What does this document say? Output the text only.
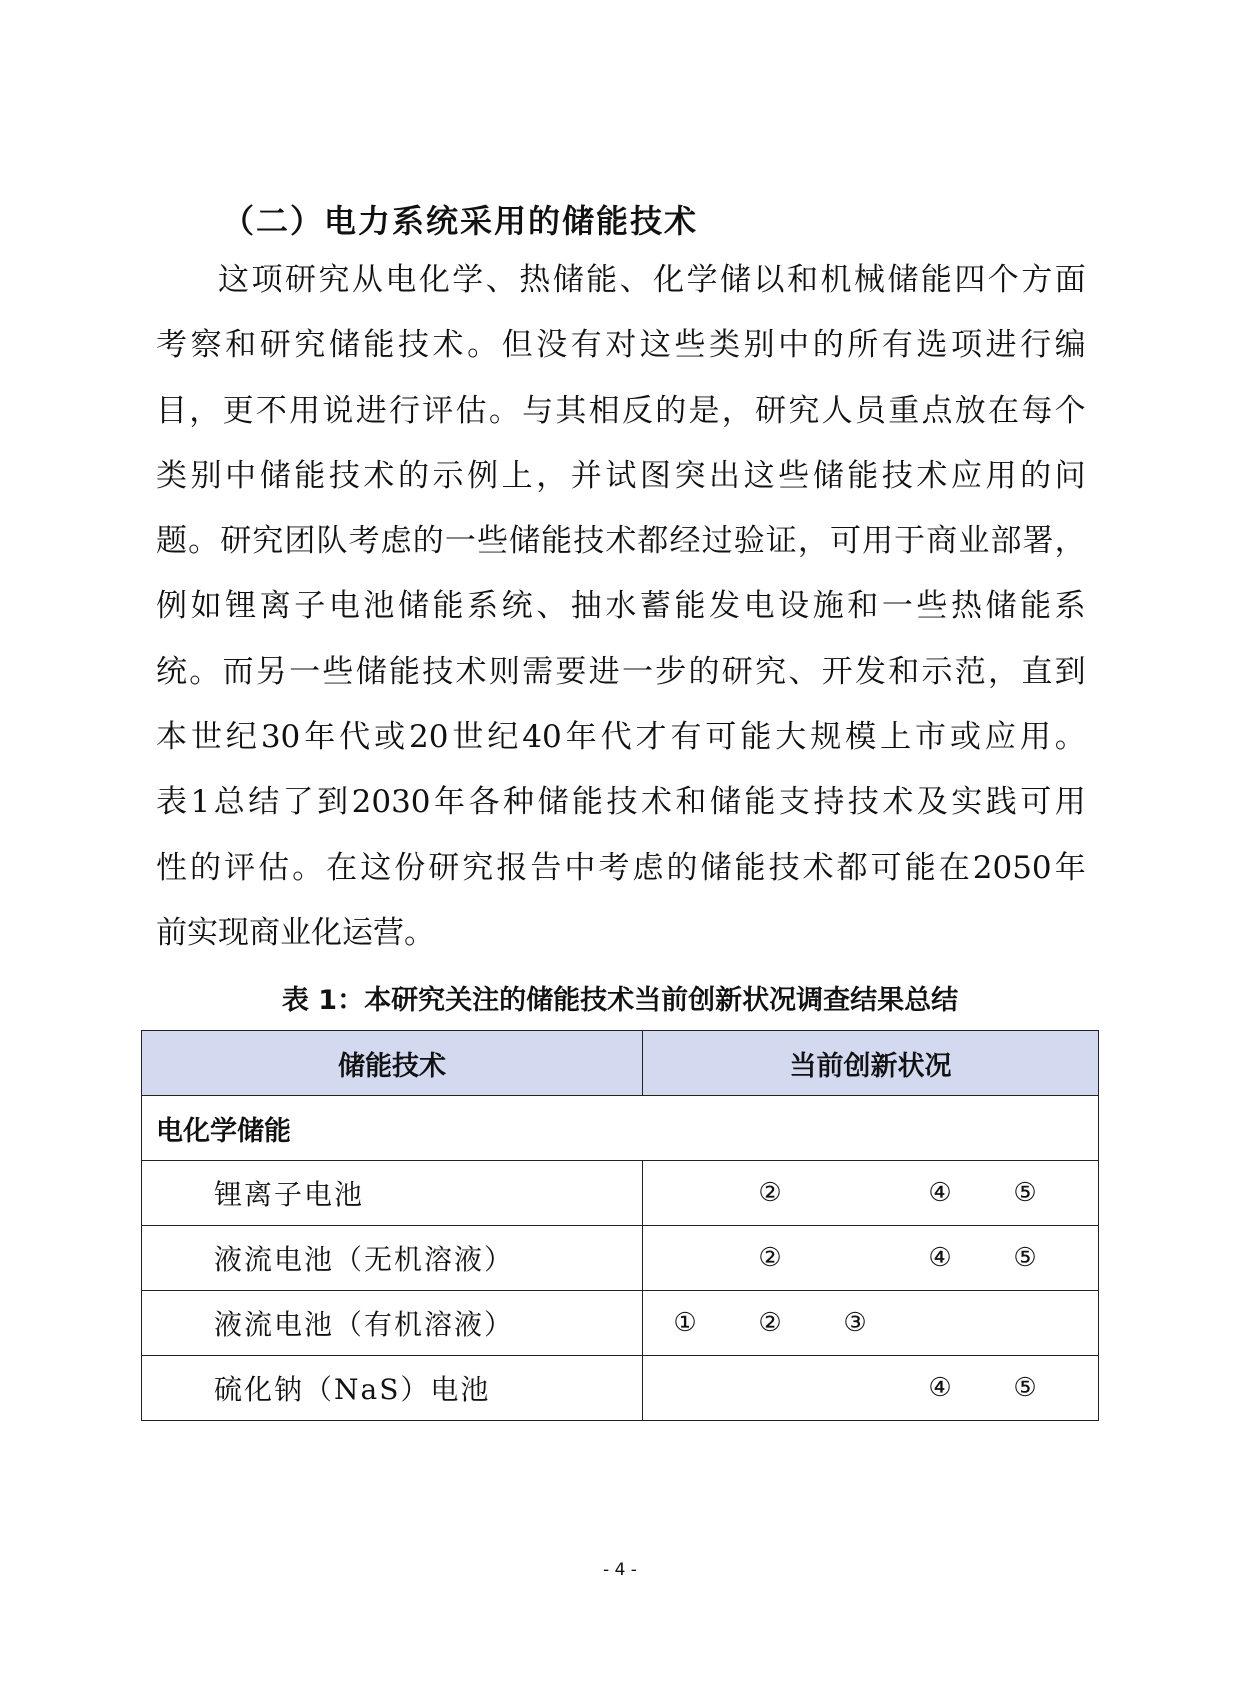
（二）电力系统采用的储能技术
这 项 研 究 从 电 化 学 、 热 储 能 、 化 学 储 以 和 机 械 储 能 四 个 方 面
考 察 和 研 究 储 能 技 术 。 但 没 有 对 这 些 类 别 中 的 所 有 选 项 进 行 编
目 ， 更 不 用 说 进 行 评 估 。 与 其 相 反 的 是 ， 研 究 人 员 重 点 放 在 每 个
类 别 中 储 能 技 术 的 示 例 上 ， 并 试 图 突 出 这 些 储 能 技 术 应 用 的 问
题 。 研 究 团 队 考 虑 的 一 些 储 能 技 术 都 经 过 验 证 ， 可 用 于 商 业 部 署 ，
例 如 锂 离 子 电 池 储 能 系 统 、 抽 水 蓄 能 发 电 设 施 和 一 些 热 储 能 系
统 。 而 另 一 些 储 能 技 术 则 需 要 进 一 步 的 研 究 、 开 发 和 示 范 ， 直 到
本 世 纪 30 年 代 或 20 世 纪 40 年 代 才 有 可 能 大 规 模 上 市 或 应 用 。
表 1 总 结 了 到 2030 年 各 种 储 能 技 术 和 储 能 支 持 技 术 及 实 践 可 用
性 的 评 估 。 在 这 份 研 究 报 告 中 考 虑 的 储 能 技 术 都 可 能 在 2050 年
前实现商业化运营。
表 1：本研究关注的储能技术当前创新状况调查结果总结
储能技术	当前创新状况
电化学储能	
锂离子电池	② ④ ⑤

液流电池（无机溶液）	② ④ ⑤

液流电池（有机溶液）	① ② ③

硫化钠（NaS）电池	④ ⑤
- 4 -
